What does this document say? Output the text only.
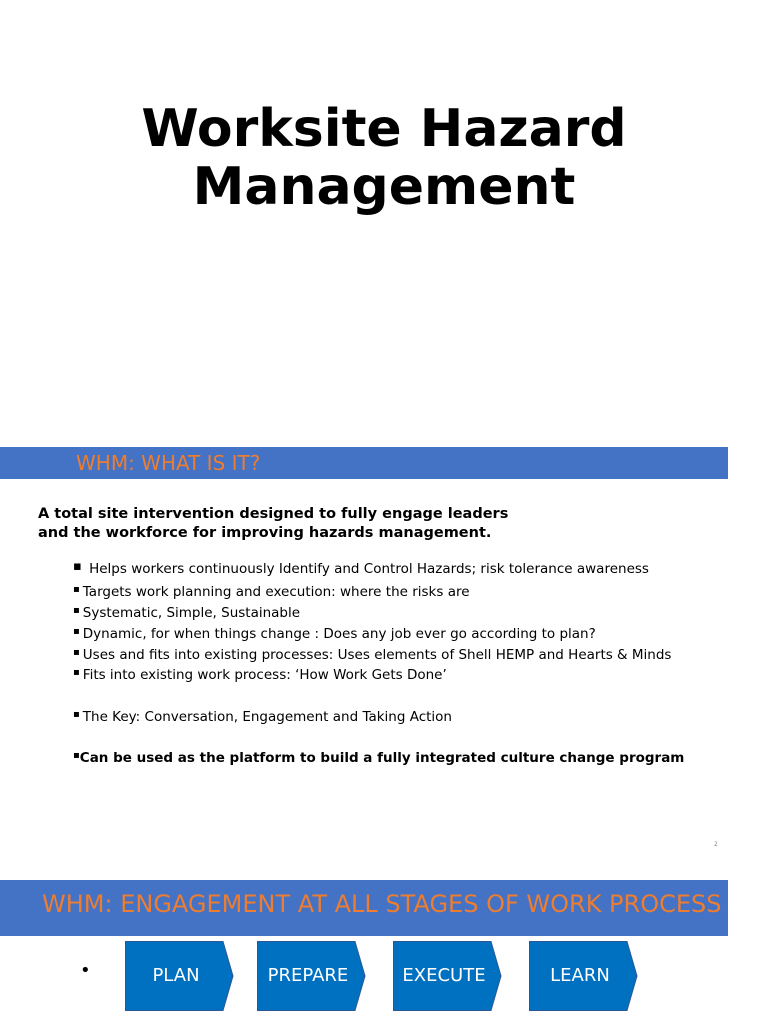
Worksite Hazard
Management
WHM: WHAT IS IT?
A total site intervention designed to fully engage leaders
and the workforce for improving hazards management.
▪ Helps workers continuously Identify and Control Hazards; risk tolerance awareness
▪ Targets work planning and execution: where the risks are
▪ Systematic, Simple, Sustainable
▪ Dynamic, for when things change : Does any job ever go according to plan?
▪ Uses and fits into existing processes: Uses elements of Shell HEMP and Hearts & Minds
▪ Fits into existing work process: ‘How Work Gets Done’
▪ The Key: Conversation, Engagement and Taking Action
▪Can be used as the platform to build a fully integrated culture change program
2
WHM: ENGAGEMENT AT ALL STAGES OF WORK PROCESS
•	PLAN	PREPARE	EXECUTE	LEARN
